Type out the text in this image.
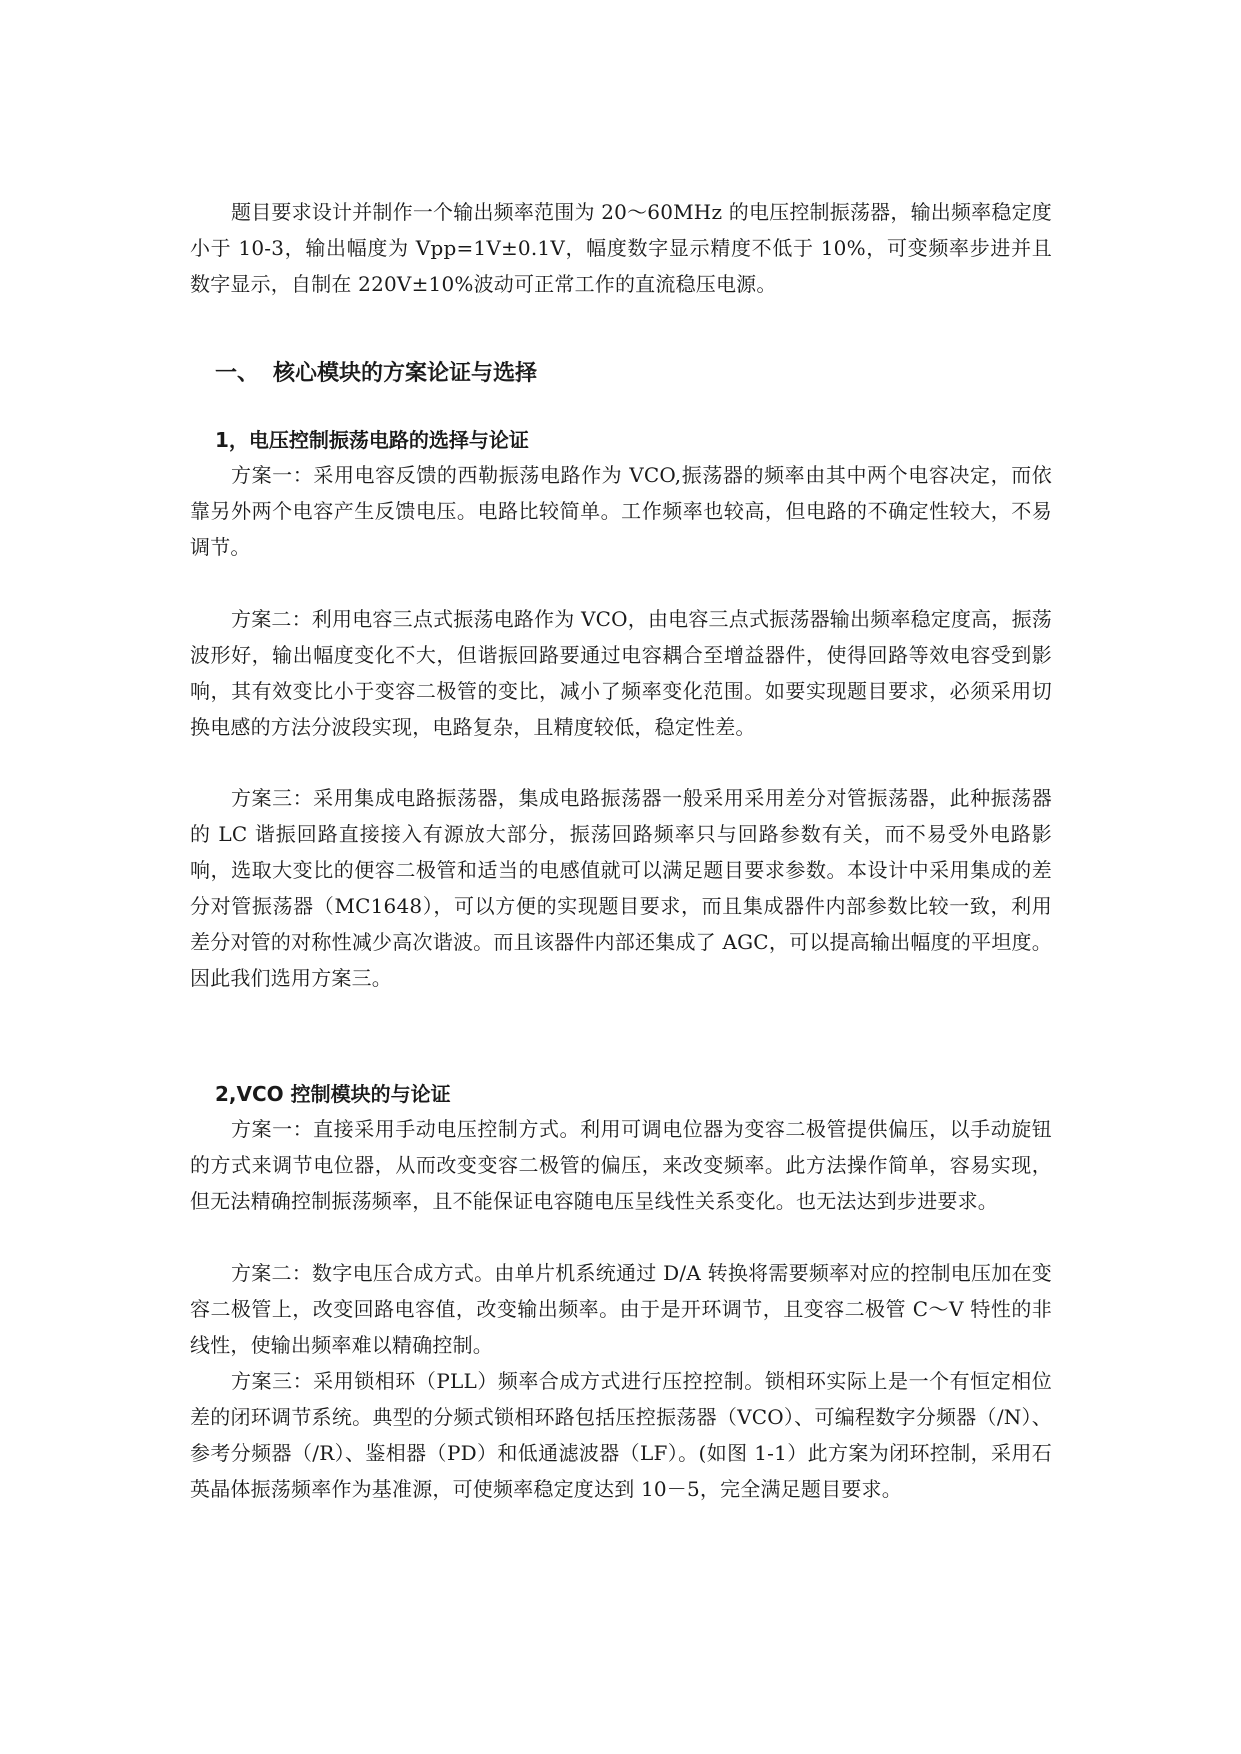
题目要求设计并制作一个输出频率范围为 20～60MHz 的电压控制振荡器，输出频率稳定度小于 10-3，输出幅度为 Vpp=1V±0.1V，幅度数字显示精度不低于 10%，可变频率步进并且数字显示，自制在 220V±10%波动可正常工作的直流稳压电源。

一、 核心模块的方案论证与选择
1，电压控制振荡电路的选择与论证

方案一：采用电容反馈的西勒振荡电路作为 VCO,振荡器的频率由其中两个电容决定，而依靠另外两个电容产生反馈电压。电路比较简单。工作频率也较高，但电路的不确定性较大，不易调节。

方案二：利用电容三点式振荡电路作为 VCO，由电容三点式振荡器输出频率稳定度高，振荡波形好，输出幅度变化不大，但谐振回路要通过电容耦合至增益器件，使得回路等效电容受到影响，其有效变比小于变容二极管的变比，减小了频率变化范围。如要实现题目要求，必须采用切换电感的方法分波段实现，电路复杂，且精度较低，稳定性差。

方案三：采用集成电路振荡器，集成电路振荡器一般采用采用差分对管振荡器，此种振荡器的 LC 谐振回路直接接入有源放大部分，振荡回路频率只与回路参数有关，而不易受外电路影响，选取大变比的便容二极管和适当的电感值就可以满足题目要求参数。本设计中采用集成的差分对管振荡器（MC1648），可以方便的实现题目要求，而且集成器件内部参数比较一致，利用差分对管的对称性减少高次谐波。而且该器件内部还集成了 AGC，可以提高输出幅度的平坦度。因此我们选用方案三。

2,VCO 控制模块的与论证

方案一：直接采用手动电压控制方式。利用可调电位器为变容二极管提供偏压，以手动旋钮的方式来调节电位器，从而改变变容二极管的偏压，来改变频率。此方法操作简单，容易实现，但无法精确控制振荡频率，且不能保证电容随电压呈线性关系变化。也无法达到步进要求。

方案二：数字电压合成方式。由单片机系统通过 D/A 转换将需要频率对应的控制电压加在变容二极管上，改变回路电容值，改变输出频率。由于是开环调节，且变容二极管 C～V 特性的非线性，使输出频率难以精确控制。

方案三：采用锁相环（PLL）频率合成方式进行压控控制。锁相环实际上是一个有恒定相位差的闭环调节系统。典型的分频式锁相环路包括压控振荡器（VCO）、可编程数字分频器（/N）、参考分频器（/R）、鉴相器（PD）和低通滤波器（LF）。(如图 1-1）此方案为闭环控制，采用石英晶体振荡频率作为基准源，可使频率稳定度达到 10－5，完全满足题目要求。
